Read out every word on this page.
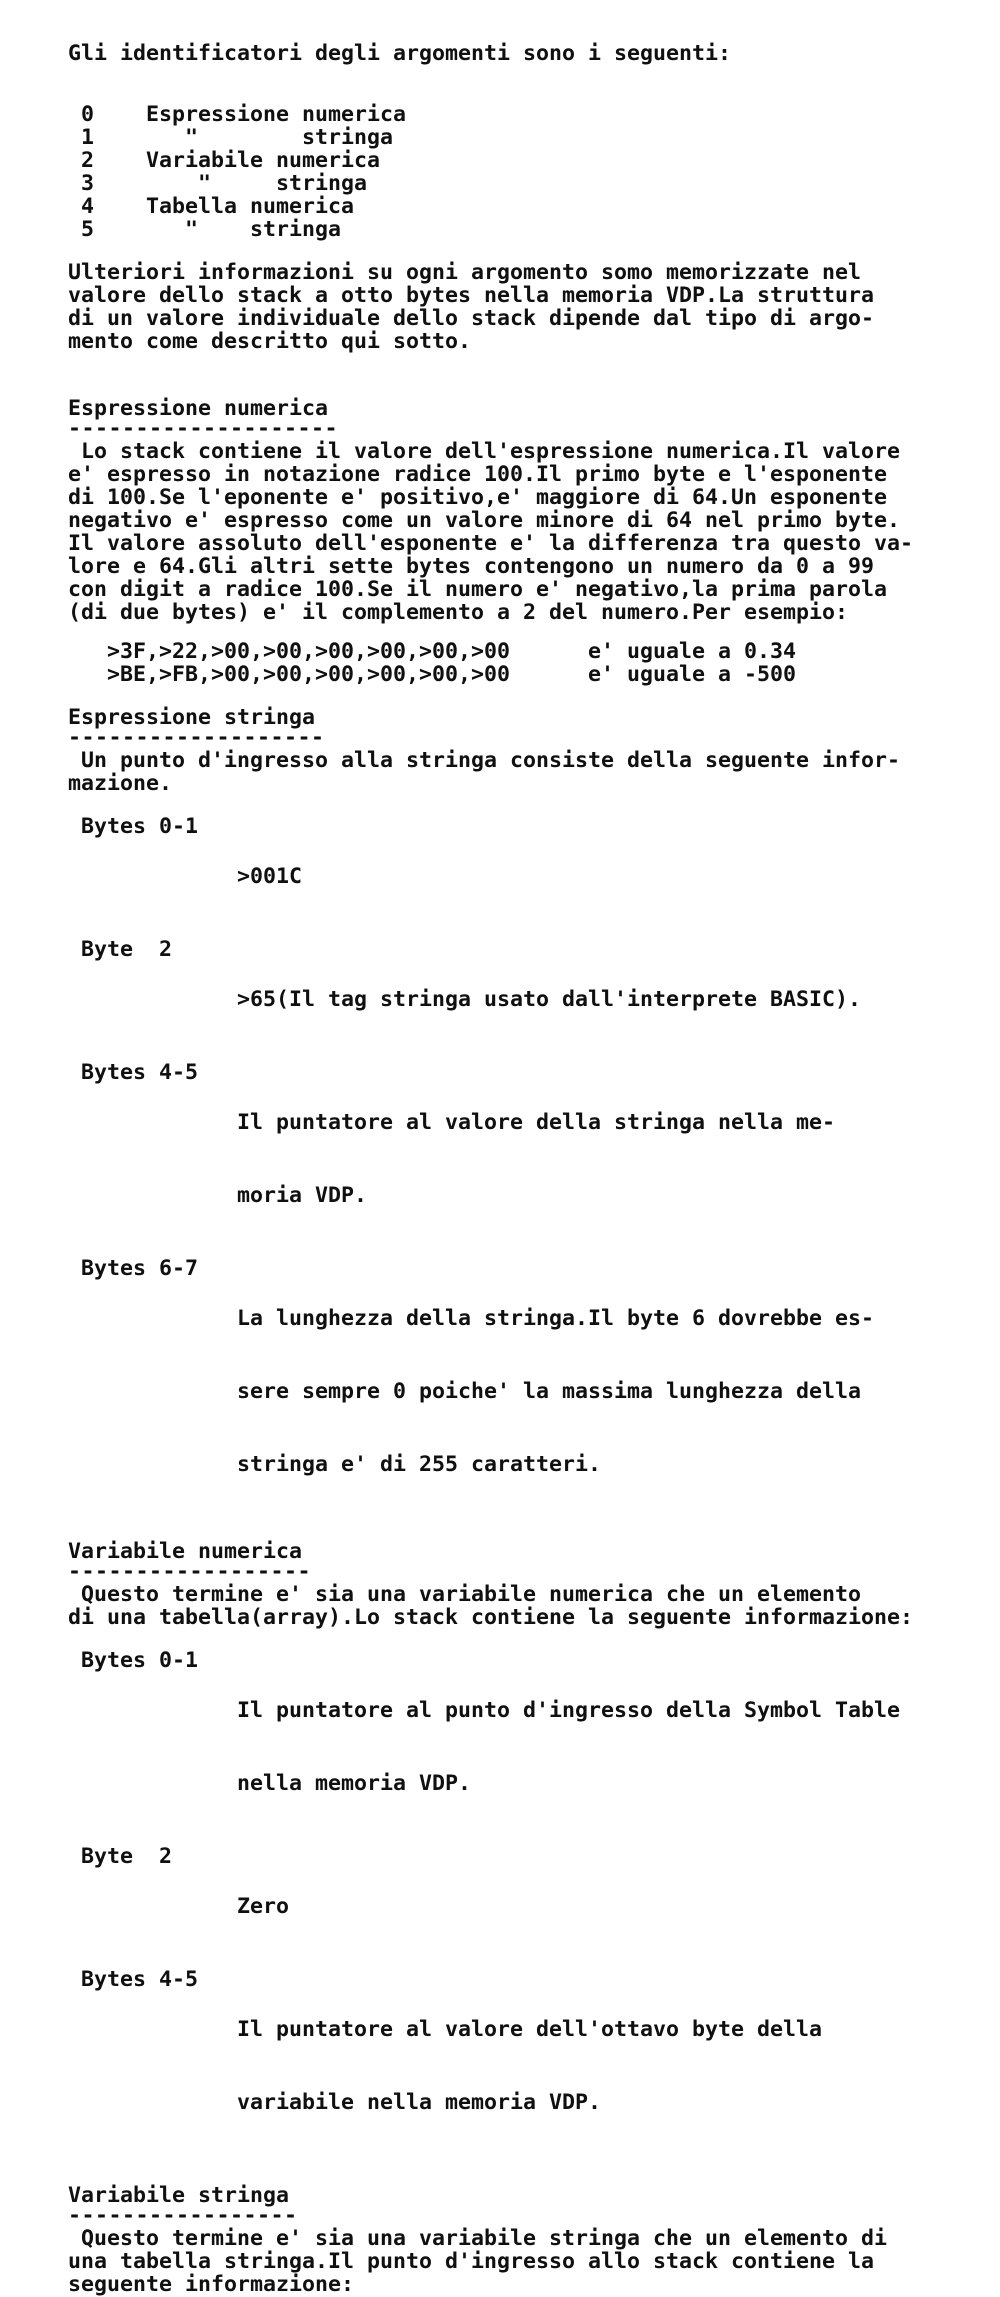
Gli identificatori degli argomenti sono i seguenti:
0	Espressione numerica
1	"        stringa
2	Variabile numerica
3	"     stringa
4	Tabella numerica
5	"    stringa
Ulteriori informazioni su ogni argomento somo memorizzate nel
valore dello stack a otto bytes nella memoria VDP.La struttura
di un valore individuale dello stack dipende dal tipo di argo-
mento come descritto qui sotto.
Espressione numerica
--------------------
Lo stack contiene il valore dell'espressione numerica.Il valore
e' espresso in notazione radice 100.Il primo byte e l'esponente
di 100.Se l'eponente e' positivo,e' maggiore di 64.Un esponente
negativo e' espresso come un valore minore di 64 nel primo byte.
Il valore assoluto dell'esponente e' la differenza tra questo va-
lore e 64.Gli altri sette bytes contengono un numero da 0 a 99
con digit a radice 100.Se il numero e' negativo,la prima parola
(di due bytes) e' il complemento a 2 del numero.Per esempio:
>3F,>22,>00,>00,>00,>00,>00,>00	e' uguale a 0.34
>BE,>FB,>00,>00,>00,>00,>00,>00	e' uguale a -500
Espressione stringa
-------------------
Un punto d'ingresso alla stringa consiste della seguente infor-
mazione.
Bytes 0-1

>001C

Byte  2

>65(Il tag stringa usato dall'interprete BASIC).

Bytes 4-5

Il puntatore al valore della stringa nella me-

moria VDP.

Bytes 6-7

La lunghezza della stringa.Il byte 6 dovrebbe es-

sere sempre 0 poiche' la massima lunghezza della

stringa e' di 255 caratteri.

Variabile numerica
------------------
Questo termine e' sia una variabile numerica che un elemento
di una tabella(array).Lo stack contiene la seguente informazione:
Bytes 0-1

Il puntatore al punto d'ingresso della Symbol Table

nella memoria VDP.

Byte  2

Zero

Bytes 4-5

Il puntatore al valore dell'ottavo byte della

variabile nella memoria VDP.

Variabile stringa
-----------------
Questo termine e' sia una variabile stringa che un elemento di
una tabella stringa.Il punto d'ingresso allo stack contiene la
seguente informazione:
